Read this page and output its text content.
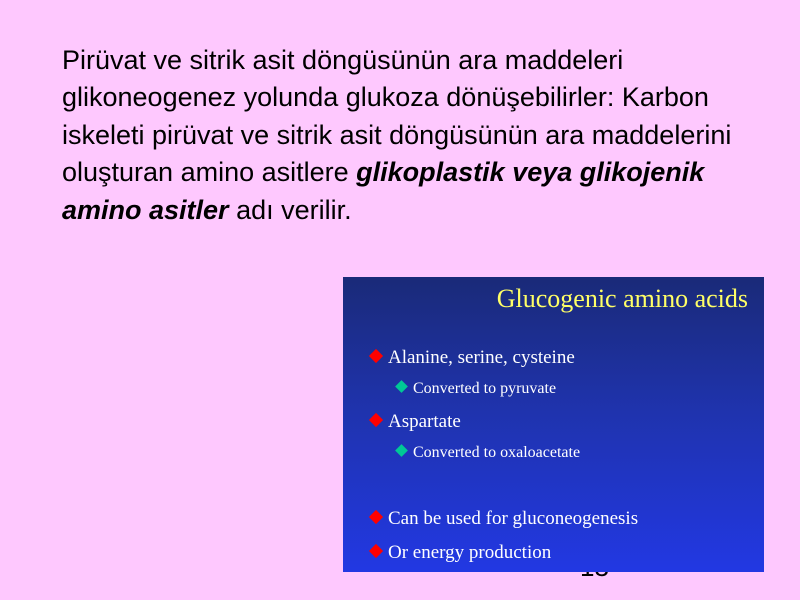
Pirüvat ve sitrik asit döngüsünün ara maddeleri glikoneogenez yolunda glukoza dönüşebilirler: Karbon iskeleti pirüvat ve sitrik asit döngüsünün ara maddelerini oluşturan amino asitlere glikoplastik veya glikojenik amino asitler adı verilir.

Glucogenic amino acids
Alanine, serine, cysteine
Converted to pyruvate
Aspartate
Converted to oxaloacetate
Can be used for gluconeogenesis
Or energy production
